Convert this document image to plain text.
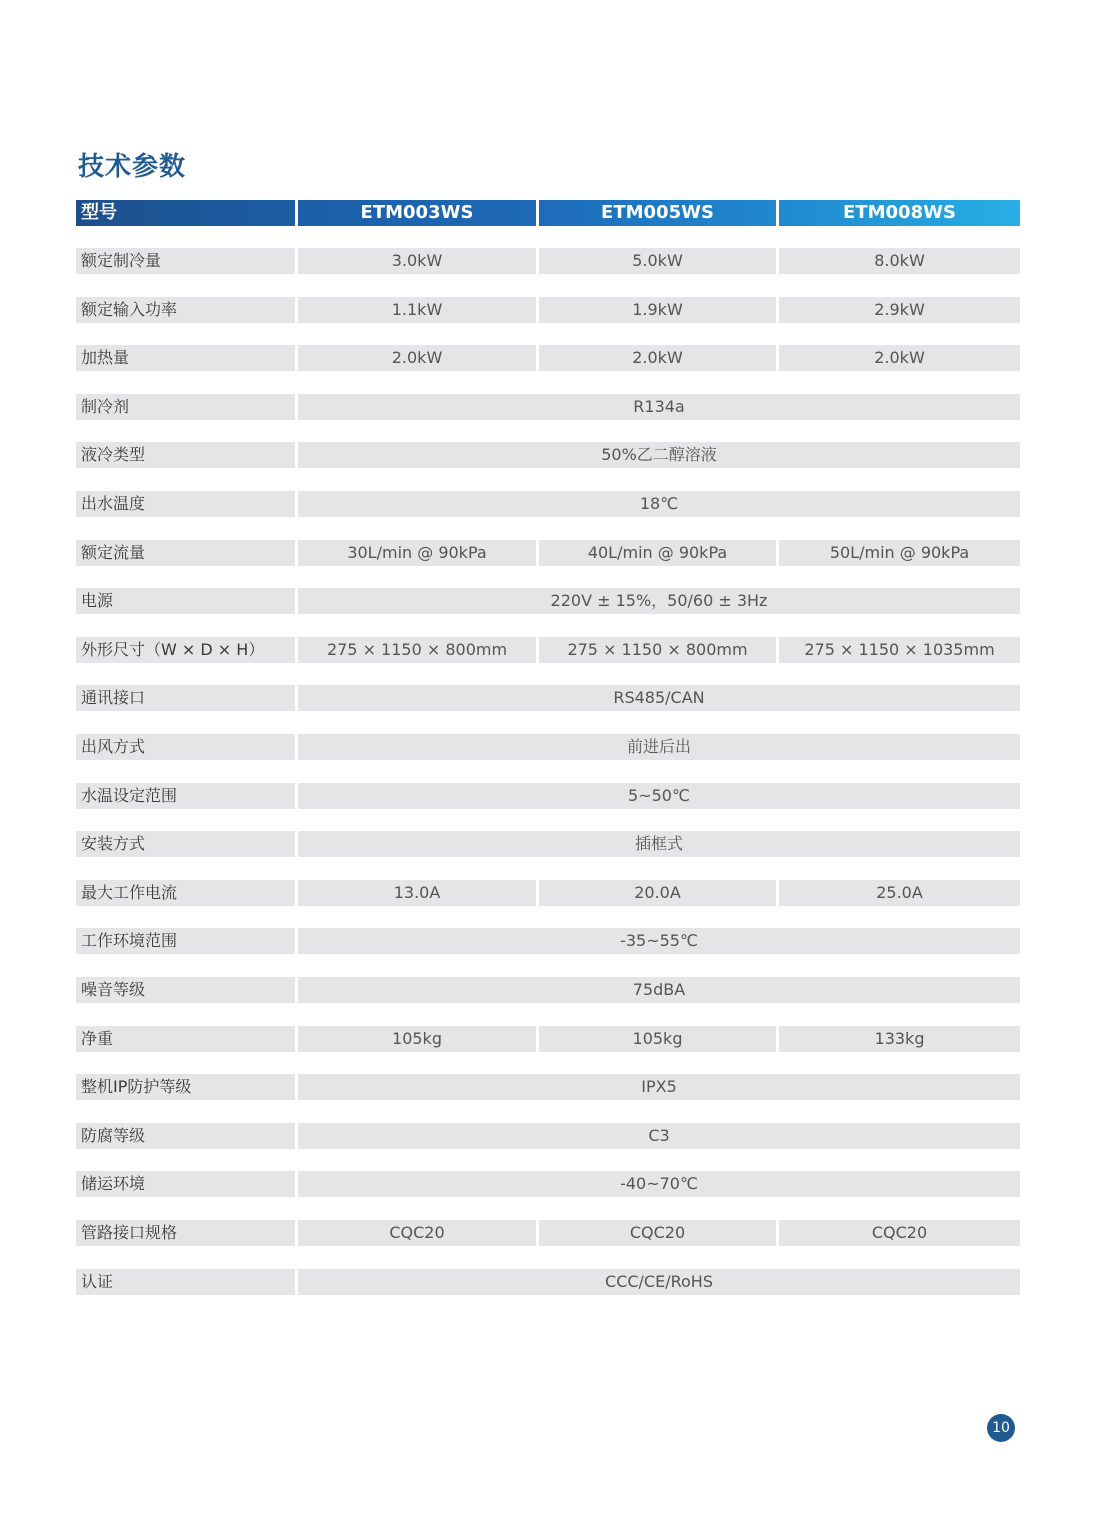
技术参数
型号	ETM003WS	ETM005WS	ETM008WS
额定制冷量	3.0kW	5.0kW	8.0kW
额定输入功率	1.1kW	1.9kW	2.9kW
加热量	2.0kW	2.0kW	2.0kW
制冷剂	R134a
液冷类型	50%乙二醇溶液
出水温度	18℃
额定流量	30L/min @ 90kPa	40L/min @ 90kPa	50L/min @ 90kPa
电源	220V ± 15%，50/60 ± 3Hz
外形尺寸（W × D × H）	275 × 1150 × 800mm	275 × 1150 × 800mm	275 × 1150 × 1035mm
通讯接口	RS485/CAN
出风方式	前进后出
水温设定范围	5~50℃
安装方式	插框式
最大工作电流	13.0A	20.0A	25.0A
工作环境范围	-35~55℃
噪音等级	75dBA
净重	105kg	105kg	133kg
整机IP防护等级	IPX5
防腐等级	C3
储运环境	-40~70℃
管路接口规格	CQC20	CQC20	CQC20
认证	CCC/CE/RoHS
10
